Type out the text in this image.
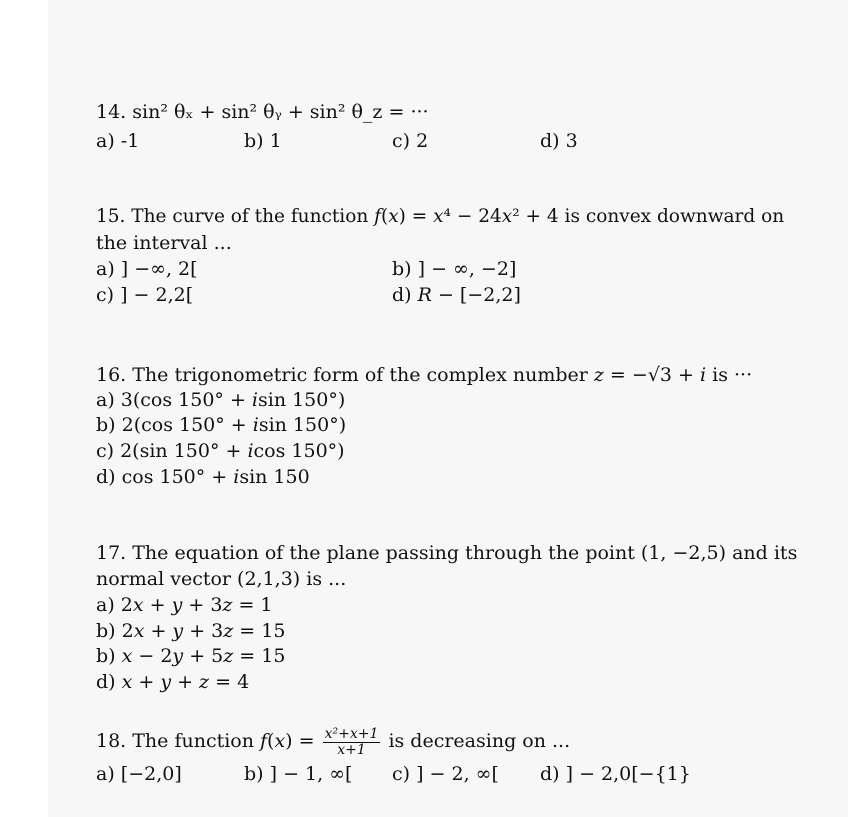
14. sin² θₓ + sin² θᵧ + sin² θ_z = ···
a) -1	b) 1	c) 2	d) 3
15. The curve of the function 𝑓(𝑥) = 𝑥⁴ − 24𝑥² + 4 is convex downward on
the interval ...
a) ] −∞, 2[	b) ] − ∞, −2]
c) ] − 2,2[	d) 𝑅 − [−2,2]
16. The trigonometric form of the complex number 𝑧 = −√3 + 𝑖 is ···
a) 3(cos 150° + 𝑖sin 150°)
b) 2(cos 150° + 𝑖sin 150°)
c) 2(sin 150° + 𝑖cos 150°)
d) cos 150° + 𝑖sin 150
17. The equation of the plane passing through the point (1, −2,5) and its
normal vector (2,1,3) is ...
a) 2𝑥 + 𝑦 + 3𝑧 = 1
b) 2𝑥 + 𝑦 + 3𝑧 = 15
b) 𝑥 − 2𝑦 + 5𝑧 = 15
d) 𝑥 + 𝑦 + 𝑧 = 4
18. The function 𝑓(𝑥) = $\frac{\text{x²+x+1}}{x+1}$ is decreasing on ...
a) [−2,0]	b) ] − 1, ∞[ c) ] − 2, ∞[ d) ] − 2,0[−{1}
